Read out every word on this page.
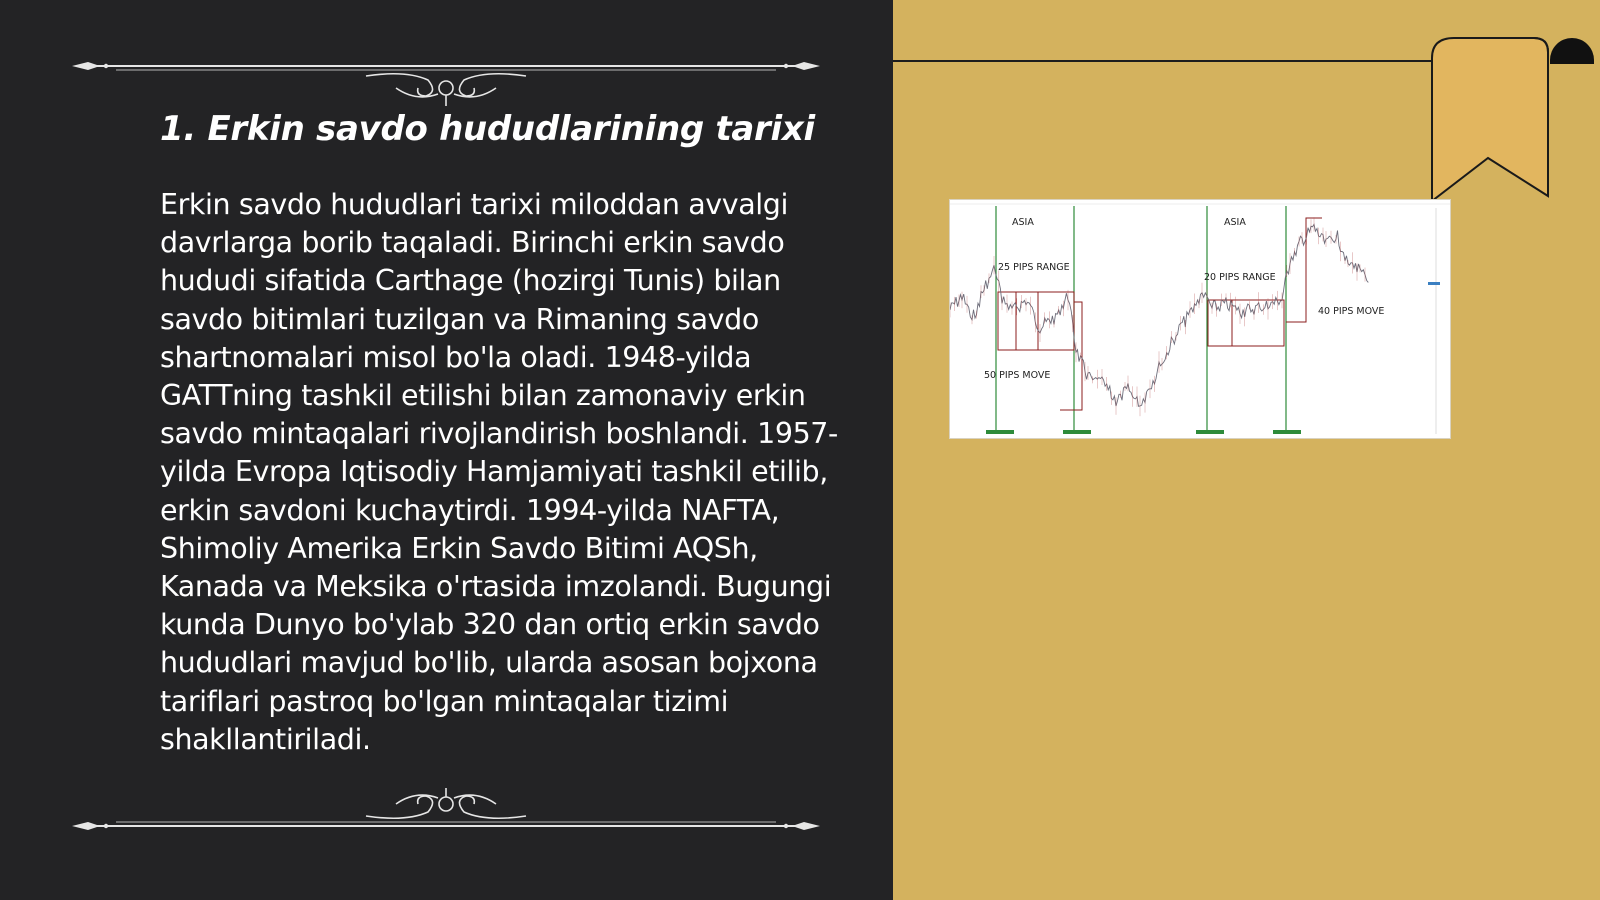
1. Erkin savdo hududlarining tarixi

Erkin savdo hududlari tarixi miloddan avvalgi davrlarga borib taqaladi. Birinchi erkin savdo hududi sifatida Carthage (hozirgi Tunis) bilan savdo bitimlari tuzilgan va Rimaning savdo shartnomalari misol bo'la oladi. 1948-yilda GATTning tashkil etilishi bilan zamonaviy erkin savdo mintaqalari rivojlandirish boshlandi. 1957-yilda Evropa Iqtisodiy Hamjamiyati tashkil etilib, erkin savdoni kuchaytirdi. 1994-yilda NAFTA, Shimoliy Amerika Erkin Savdo Bitimi AQSh, Kanada va Meksika o'rtasida imzolandi. Bugungi kunda Dunyo bo'ylab 320 dan ortiq erkin savdo hududlari mavjud bo'lib, ularda asosan bojxona tariflari pastroq bo'lgan mintaqalar tizimi shakllantiriladi.

ASIA	ASIA
25 PIPS RANGE
20 PIPS RANGE
50 PIPS MOVE
40 PIPS MOVE
